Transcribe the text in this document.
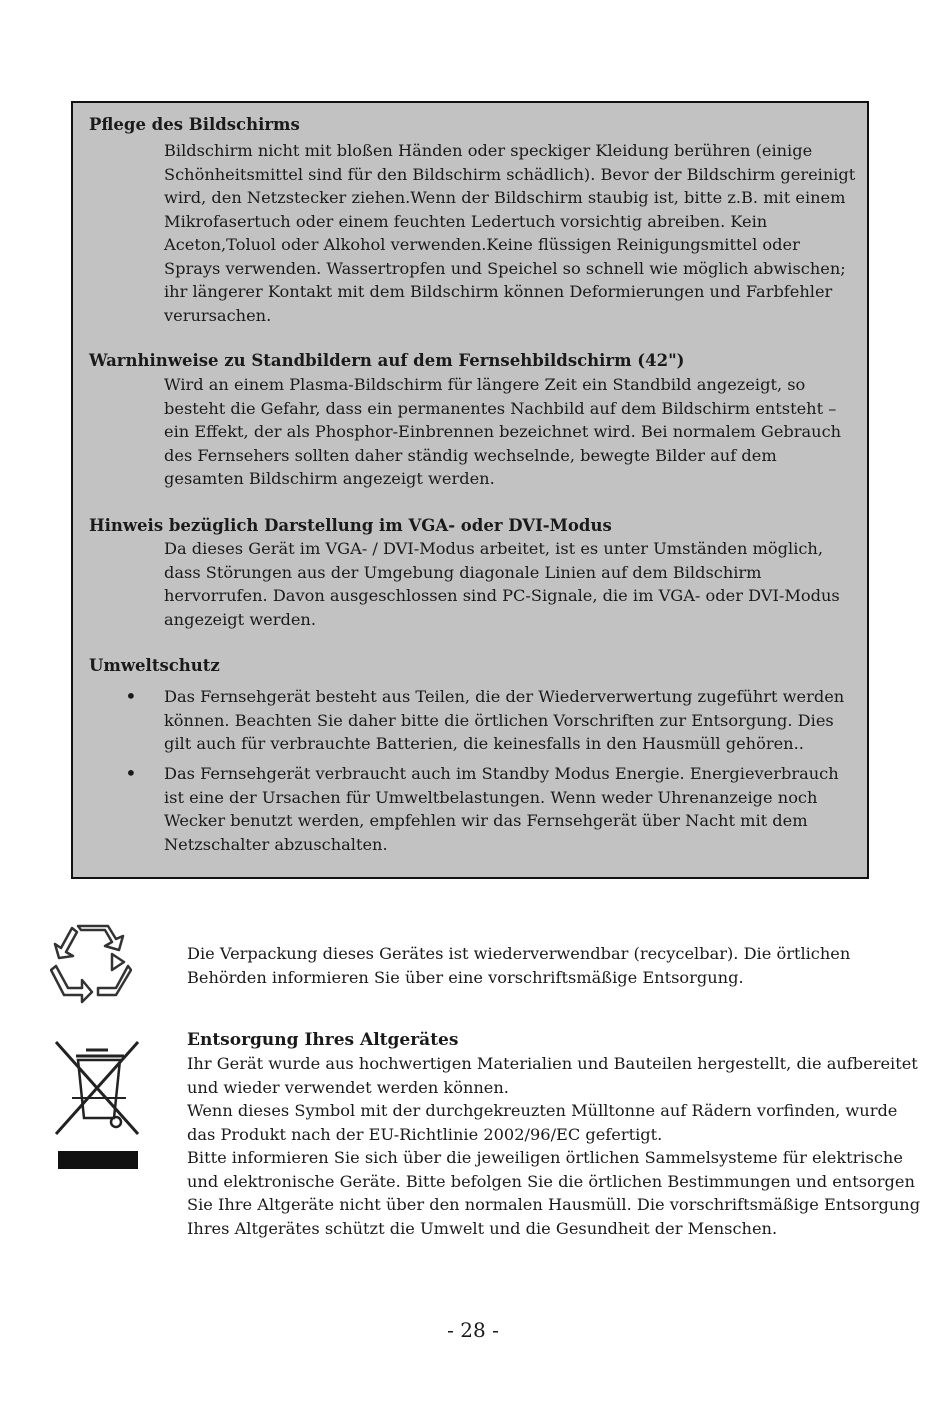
Pflege des Bildschirms
Bildschirm nicht mit bloßen Händen oder speckiger Kleidung berühren (einige Schönheitsmittel sind für den Bildschirm schädlich). Bevor der Bildschirm gereinigt wird, den Netzstecker ziehen.Wenn der Bildschirm staubig ist, bitte z.B. mit einem Mikrofasertuch oder einem feuchten Ledertuch vorsichtig abreiben. Kein Aceton,Toluol oder Alkohol verwenden.Keine flüssigen Reinigungsmittel oder Sprays verwenden. Wassertropfen und Speichel so schnell wie möglich abwischen; ihr längerer Kontakt mit dem Bildschirm können Deformierungen und Farbfehler verursachen.
Warnhinweise zu Standbildern auf dem Fernsehbildschirm (42")
Wird an einem Plasma-Bildschirm für längere Zeit ein Standbild angezeigt, so besteht die Gefahr, dass ein permanentes Nachbild auf dem Bildschirm entsteht – ein Effekt, der als Phosphor-Einbrennen bezeichnet wird. Bei normalem Gebrauch des Fernsehers sollten daher ständig wechselnde, bewegte Bilder auf dem gesamten Bildschirm angezeigt werden.
Hinweis bezüglich Darstellung im VGA- oder DVI-Modus
Da dieses Gerät im VGA- / DVI-Modus arbeitet, ist es unter Umständen möglich, dass Störungen aus der Umgebung diagonale Linien auf dem Bildschirm hervorrufen. Davon ausgeschlossen sind PC-Signale, die im VGA- oder DVI-Modus angezeigt werden.
Umweltschutz
• Das Fernsehgerät besteht aus Teilen, die der Wiederverwertung zugeführt werden können. Beachten Sie daher bitte die örtlichen Vorschriften zur Entsorgung. Dies gilt auch für verbrauchte Batterien, die keinesfalls in den Hausmüll gehören..
• Das Fernsehgerät verbraucht auch im Standby Modus Energie. Energieverbrauch ist eine der Ursachen für Umweltbelastungen. Wenn weder Uhrenanzeige noch Wecker benutzt werden, empfehlen wir das Fernsehgerät über Nacht mit dem Netzschalter abzuschalten.
Die Verpackung dieses Gerätes ist wiederverwendbar (recycelbar). Die örtlichen Behörden informieren Sie über eine vorschriftsmäßige Entsorgung.
Entsorgung Ihres Altgerätes
Ihr Gerät wurde aus hochwertigen Materialien und Bauteilen hergestellt, die aufbereitet und wieder verwendet werden können.
Wenn dieses Symbol mit der durchgekreuzten Mülltonne auf Rädern vorfinden, wurde das Produkt nach der EU-Richtlinie 2002/96/EC gefertigt.
Bitte informieren Sie sich über die jeweiligen örtlichen Sammelsysteme für elektrische und elektronische Geräte. Bitte befolgen Sie die örtlichen Bestimmungen und entsorgen Sie Ihre Altgeräte nicht über den normalen Hausmüll. Die vorschriftsmäßige Entsorgung Ihres Altgerätes schützt die Umwelt und die Gesundheit der Menschen.
- 28 -
